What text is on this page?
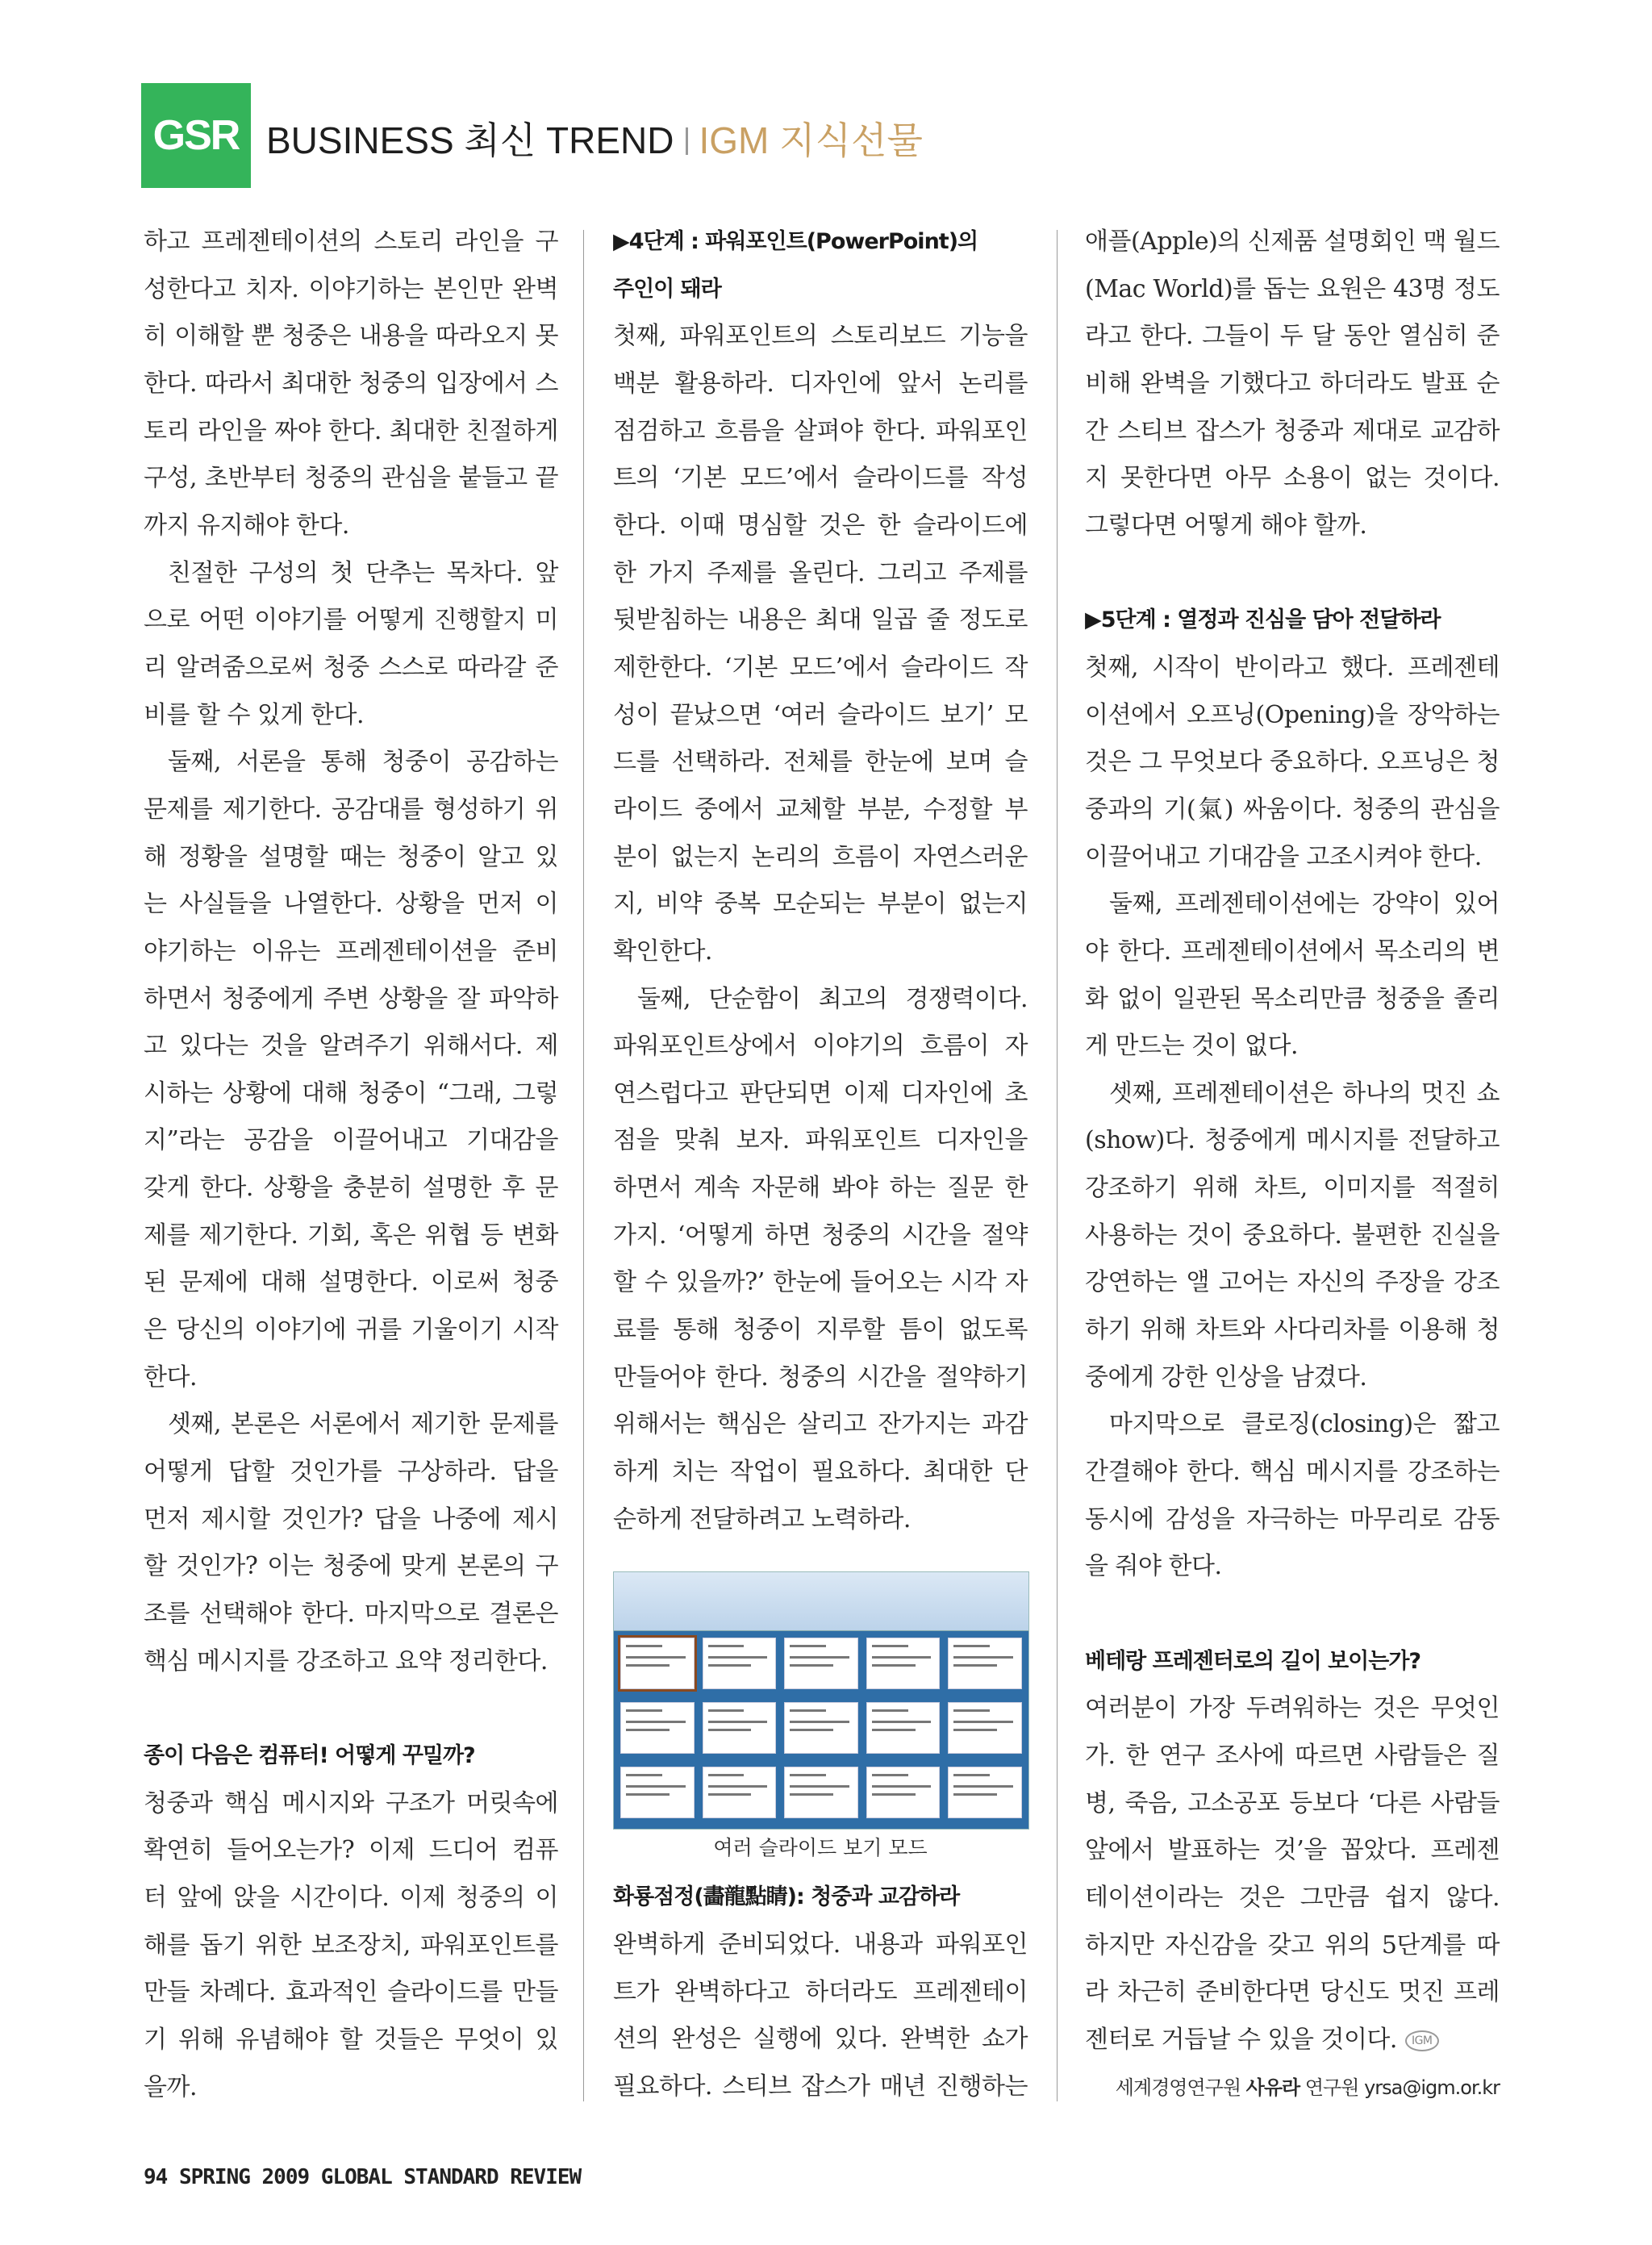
GSR BUSINESS 최신 TREND IGM 지식선물
하고 프레젠테이션의 스토리 라인을 구
성한다고 치자. 이야기하는 본인만 완벽
히 이해할 뿐 청중은 내용을 따라오지 못
한다. 따라서 최대한 청중의 입장에서 스
토리 라인을 짜야 한다. 최대한 친절하게
구성, 초반부터 청중의 관심을 붙들고 끝
까지 유지해야 한다.
친절한 구성의 첫 단추는 목차다. 앞
으로 어떤 이야기를 어떻게 진행할지 미
리 알려줌으로써 청중 스스로 따라갈 준
비를 할 수 있게 한다.
둘째, 서론을 통해 청중이 공감하는
문제를 제기한다. 공감대를 형성하기 위
해 정황을 설명할 때는 청중이 알고 있
는 사실들을 나열한다. 상황을 먼저 이
야기하는 이유는 프레젠테이션을 준비
하면서 청중에게 주변 상황을 잘 파악하
고 있다는 것을 알려주기 위해서다. 제
시하는 상황에 대해 청중이 “그래, 그렇
지”라는 공감을 이끌어내고 기대감을
갖게 한다. 상황을 충분히 설명한 후 문
제를 제기한다. 기회, 혹은 위협 등 변화
된 문제에 대해 설명한다. 이로써 청중
은 당신의 이야기에 귀를 기울이기 시작
한다.
셋째, 본론은 서론에서 제기한 문제를
어떻게 답할 것인가를 구상하라. 답을
먼저 제시할 것인가? 답을 나중에 제시
할 것인가? 이는 청중에 맞게 본론의 구
조를 선택해야 한다. 마지막으로 결론은
핵심 메시지를 강조하고 요약 정리한다.
종이 다음은 컴퓨터! 어떻게 꾸밀까?
청중과 핵심 메시지와 구조가 머릿속에
확연히 들어오는가? 이제 드디어 컴퓨
터 앞에 앉을 시간이다. 이제 청중의 이
해를 돕기 위한 보조장치, 파워포인트를
만들 차례다. 효과적인 슬라이드를 만들
기 위해 유념해야 할 것들은 무엇이 있
을까.
▶4단계 : 파워포인트(PowerPoint)의
주인이 돼라
첫째, 파워포인트의 스토리보드 기능을
백분 활용하라. 디자인에 앞서 논리를
점검하고 흐름을 살펴야 한다. 파워포인
트의 ‘기본 모드’에서 슬라이드를 작성
한다. 이때 명심할 것은 한 슬라이드에
한 가지 주제를 올린다. 그리고 주제를
뒷받침하는 내용은 최대 일곱 줄 정도로
제한한다. ‘기본 모드’에서 슬라이드 작
성이 끝났으면 ‘여러 슬라이드 보기’ 모
드를 선택하라. 전체를 한눈에 보며 슬
라이드 중에서 교체할 부분, 수정할 부
분이 없는지 논리의 흐름이 자연스러운
지, 비약 중복 모순되는 부분이 없는지
확인한다.
둘째, 단순함이 최고의 경쟁력이다.
파워포인트상에서 이야기의 흐름이 자
연스럽다고 판단되면 이제 디자인에 초
점을 맞춰 보자. 파워포인트 디자인을
하면서 계속 자문해 봐야 하는 질문 한
가지. ‘어떻게 하면 청중의 시간을 절약
할 수 있을까?’ 한눈에 들어오는 시각 자
료를 통해 청중이 지루할 틈이 없도록
만들어야 한다. 청중의 시간을 절약하기
위해서는 핵심은 살리고 잔가지는 과감
하게 치는 작업이 필요하다. 최대한 단
순하게 전달하려고 노력하라.
여러 슬라이드 보기 모드
화룡점정(畵龍點睛): 청중과 교감하라
완벽하게 준비되었다. 내용과 파워포인
트가 완벽하다고 하더라도 프레젠테이
션의 완성은 실행에 있다. 완벽한 쇼가
필요하다. 스티브 잡스가 매년 진행하는
애플(Apple)의 신제품 설명회인 맥 월드
(Mac World)를 돕는 요원은 43명 정도
라고 한다. 그들이 두 달 동안 열심히 준
비해 완벽을 기했다고 하더라도 발표 순
간 스티브 잡스가 청중과 제대로 교감하
지 못한다면 아무 소용이 없는 것이다.
그렇다면 어떻게 해야 할까.
▶5단계 : 열정과 진심을 담아 전달하라
첫째, 시작이 반이라고 했다. 프레젠테
이션에서 오프닝(Opening)을 장악하는
것은 그 무엇보다 중요하다. 오프닝은 청
중과의 기(氣) 싸움이다. 청중의 관심을
이끌어내고 기대감을 고조시켜야 한다.
둘째, 프레젠테이션에는 강약이 있어
야 한다. 프레젠테이션에서 목소리의 변
화 없이 일관된 목소리만큼 청중을 졸리
게 만드는 것이 없다.
셋째, 프레젠테이션은 하나의 멋진 쇼
(show)다. 청중에게 메시지를 전달하고
강조하기 위해 차트, 이미지를 적절히
사용하는 것이 중요하다. 불편한 진실을
강연하는 앨 고어는 자신의 주장을 강조
하기 위해 차트와 사다리차를 이용해 청
중에게 강한 인상을 남겼다.
마지막으로 클로징(closing)은 짧고
간결해야 한다. 핵심 메시지를 강조하는
동시에 감성을 자극하는 마무리로 감동
을 줘야 한다.
베테랑 프레젠터로의 길이 보이는가?
여러분이 가장 두려워하는 것은 무엇인
가. 한 연구 조사에 따르면 사람들은 질
병, 죽음, 고소공포 등보다 ‘다른 사람들
앞에서 발표하는 것’을 꼽았다. 프레젠
테이션이라는 것은 그만큼 쉽지 않다.
하지만 자신감을 갖고 위의 5단계를 따
라 차근히 준비한다면 당신도 멋진 프레
젠터로 거듭날 수 있을 것이다. IGM
세계경영연구원 사유라 연구원 yrsa@igm.or.kr
94 SPRING 2009 GLOBAL STANDARD REVIEW
